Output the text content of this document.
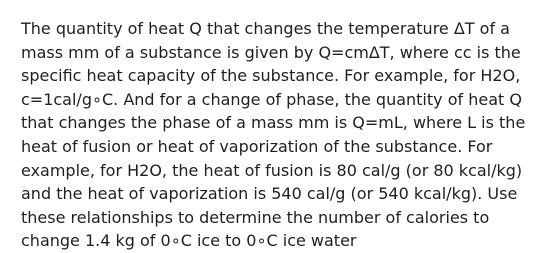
The quantity of heat Q that changes the temperature ΔT of a
mass mm of a substance is given by Q=cmΔT, where cc is the
specific heat capacity of the substance. For example, for H2O,
c=1cal/g∘C. And for a change of phase, the quantity of heat Q
that changes the phase of a mass mm is Q=mL, where L is the
heat of fusion or heat of vaporization of the substance. For
example, for H2O, the heat of fusion is 80 cal/g (or 80 kcal/kg)
and the heat of vaporization is 540 cal/g (or 540 kcal/kg). Use
these relationships to determine the number of calories to
change 1.4 kg of 0∘C ice to 0∘C ice water
